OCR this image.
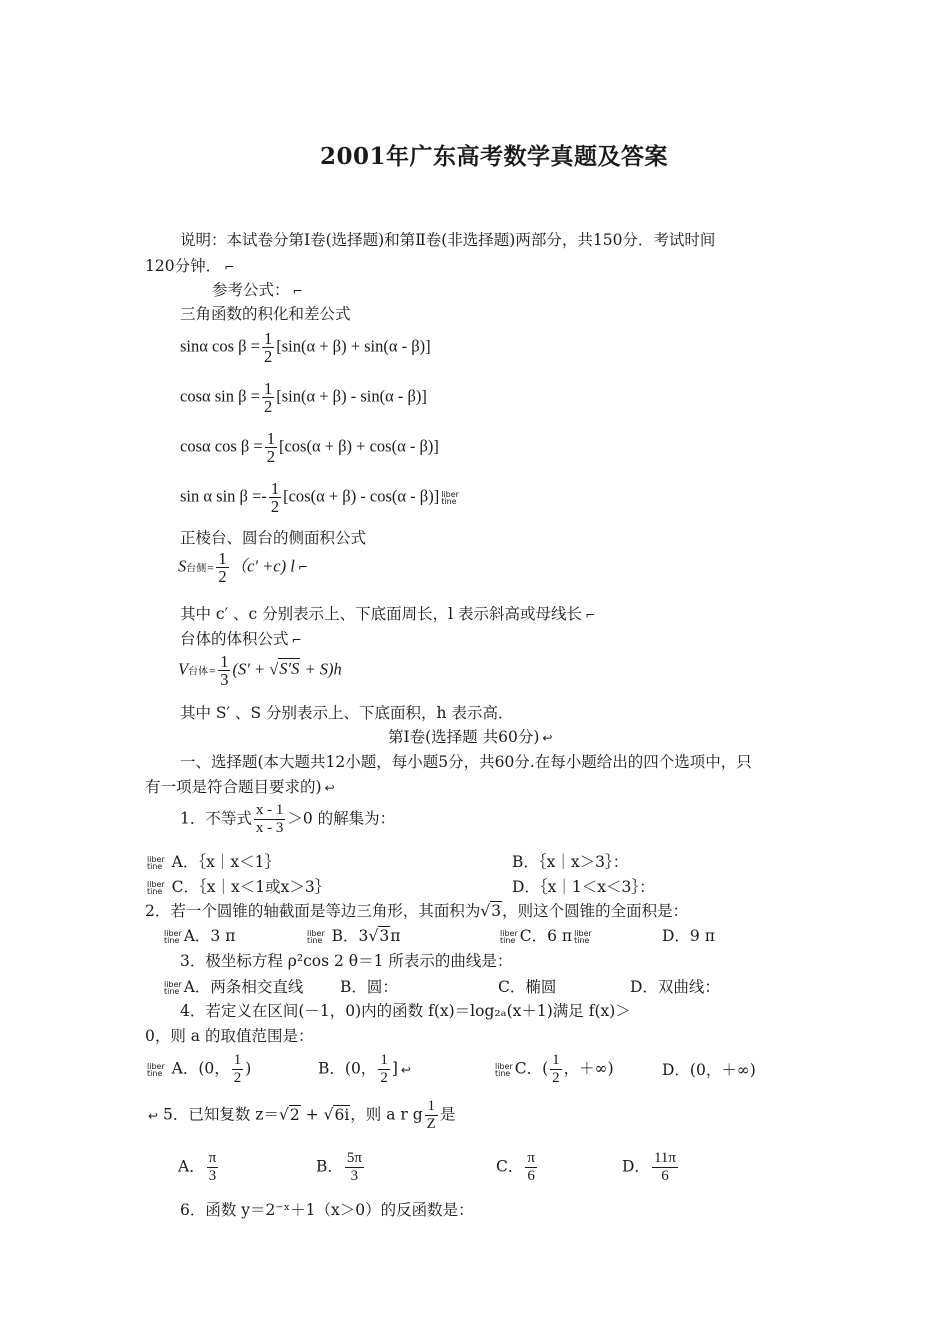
2001年广东高考数学真题及答案
说明：本试卷分第Ⅰ卷(选择题)和第Ⅱ卷(非选择题)两部分，共150分．考试时间
120分钟． ⌐
参考公式： ⌐
三角函数的积化和差公式
sinα $\cos \beta = \frac{1}{2} [\sin(\alpha + \beta) + \sin(\alpha - \beta)]$
cosα $\sin \beta = \frac{1}{2} [\sin(\alpha + \beta) - \sin(\alpha - \beta)]$
cosα $\cos \beta = \frac{1}{2} [\cos(\alpha + \beta) + \cos(\alpha - \beta)]$
sin α $\sin \beta =- \frac{1}{2} [\cos(\alpha + \beta) - \cos(\alpha - \beta)]$ liber
tine
正棱台、圆台的侧面积公式
S台侧= $\frac{1}{2} (c' +c)$ l ⌐
其中 c′ 、c 分别表示上、下底面周长，l 表示斜高或母线长 ⌐
台体的体积公式 ⌐
V台体= $\frac{1}{3} (S' + √S'S + S)h$
其中 S′ 、S 分别表示上、下底面积，h 表示高．
第Ⅰ卷(选择题 共60分) ↩
一、选择题(本大题共12小题，每小题5分，共60分.在每小题给出的四个选项中，只
有一项是符合题目要求的) ↩
1．不等式 $\frac{x - 1}{x - 3} >0$ 的解集为：
liber
tine A．｛x｜x＜1｝	B．｛x｜x＞3｝：
liber
tine C．｛x｜x＜1或x＞3｝	D．｛x｜1＜x＜3｝：
2．若一个圆锥的轴截面是等边三角形，其面积为√3，则这个圆锥的全面积是：
liber
tine A．3 π	liber
tine B．3√3π	liber
tine C．6 π liber
tine	D．9 π
3．极坐标方程 ρ²cos 2 θ＝1 所表示的曲线是：
liber
tine A．两条相交直线 B．圆：	C．椭圆	D．双曲线：
4．若定义在区间(－1，0)内的函数 f(x)＝log₂ₐ(x＋1)满足 f(x)＞
0，则 a 的取值范围是：
liber
tine A．(0， $\frac{1}{2}$ )	B．(0， $\frac{1}{2}$ ] ↩	liber
tine C．( $\frac{1}{2}$ ，＋∞)	D．(0，＋∞)
↩ 5．已知复数 z＝√2 + √6i，则 a r g $\frac{1}{Z}$ 是
A． $\frac{\pi}{3}$	B． $\frac{5\pi}{3}$	C． $\frac{\pi}{6}$	D． $\frac{11\pi}{6}$
6．函数 y＝2⁻ˣ＋1（x＞0）的反函数是：
